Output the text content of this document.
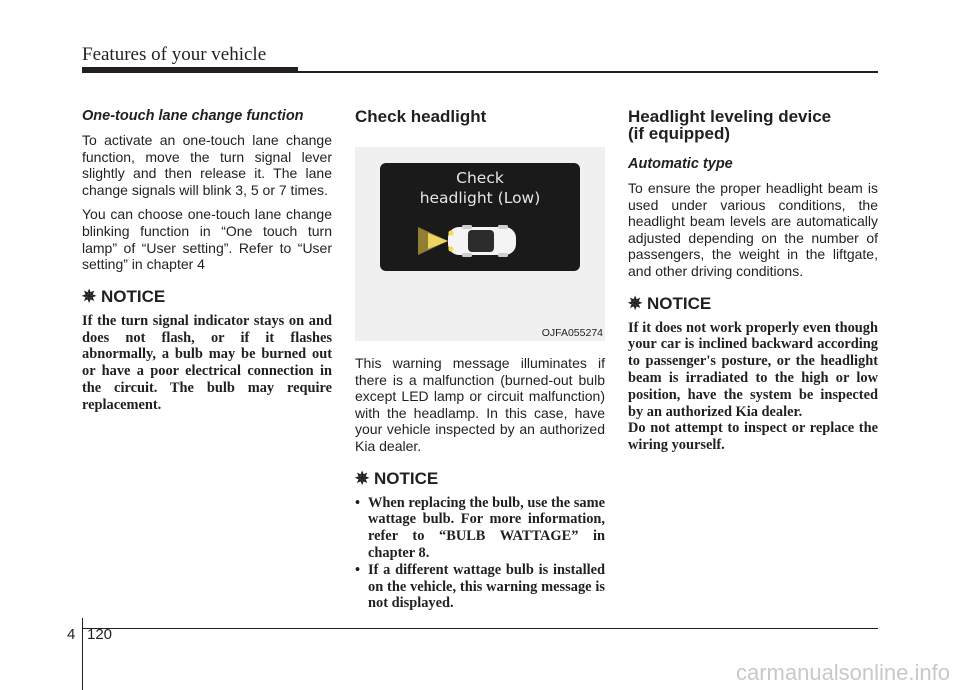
Features of your vehicle

One-touch lane change function

To activate an one-touch lane change function, move the turn signal lever slightly and then release it. The lane change signals will blink 3, 5 or 7 times.

You can choose one-touch lane change blinking function in “One touch turn lamp” of “User setting”. Refer to “User setting” in chapter 4

✵ NOTICE

If the turn signal indicator stays on and does not flash, or if it flashes abnormally, a bulb may be burned out or have a poor electrical connection in the circuit. The bulb may require replacement.

Check headlight
Check
headlight (Low)
OJFA055274

This warning message illuminates if there is a malfunction (burned-out bulb except LED lamp or circuit malfunction) with the headlamp. In this case, have your vehicle inspected by an authorized Kia dealer.

✵ NOTICE
• When replacing the bulb, use the same wattage bulb. For more information, refer to “BULB WATTAGE” in chapter 8.
• If a different wattage bulb is installed on the vehicle, this warning message is not displayed.
Headlight leveling device
(if equipped)

Automatic type

To ensure the proper headlight beam is used under various conditions, the headlight beam levels are automatically adjusted depending on the number of passengers, the weight in the liftgate, and other driving conditions.

✵ NOTICE

If it does not work properly even though your car is inclined backward according to passenger's posture, or the headlight beam is irradiated to the high or low position, have the system be inspected by an authorized Kia dealer.

Do not attempt to inspect or replace the wiring yourself.

4 120
carmanualsonline.info
